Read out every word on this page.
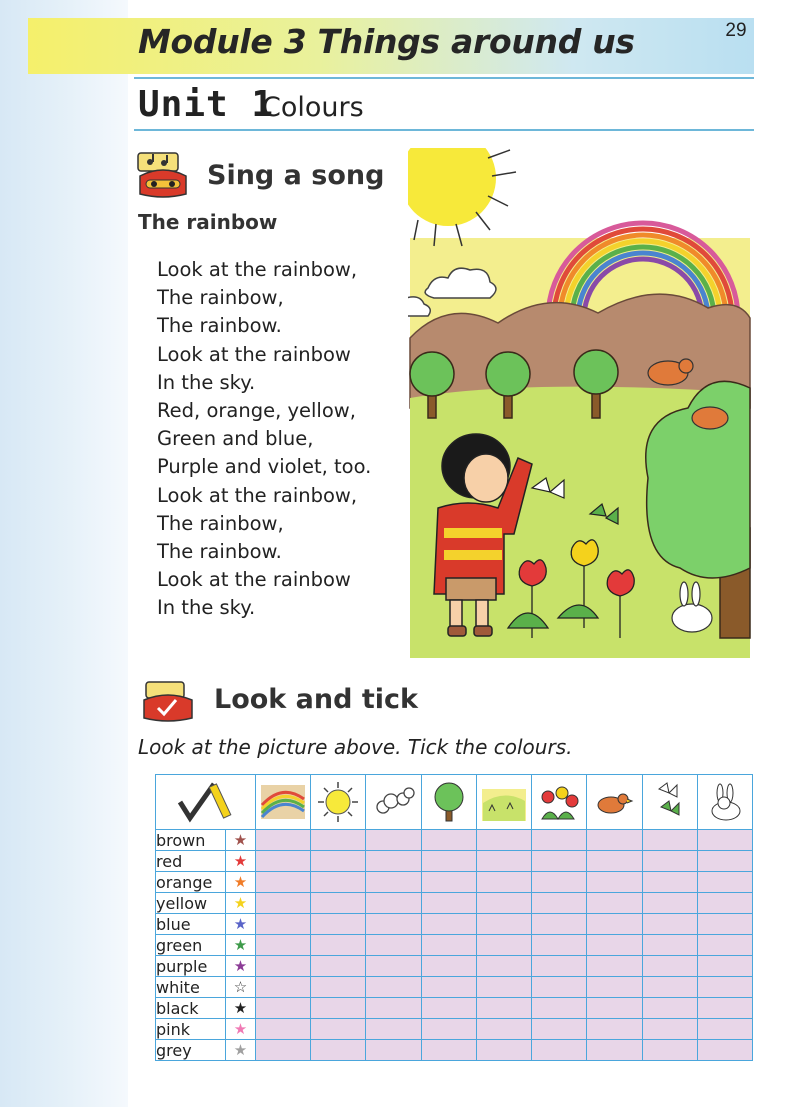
Module 3 Things around us	29
Unit 1
Colours
Sing a song
The rainbow
Look at the rainbow,
The rainbow,
The rainbow.
Look at the rainbow
In the sky.
Red, orange, yellow,
Green and blue,
Purple and violet, too.
Look at the rainbow,
The rainbow,
The rainbow.
Look at the rainbow
In the sky.
Look and tick
Look at the picture above. Tick the colours.

brown	★									
red	★									
orange	★									
yellow	★									
blue	★									
green	★									
purple	★									
white	☆									
black	★									
pink	★									
grey	★									
